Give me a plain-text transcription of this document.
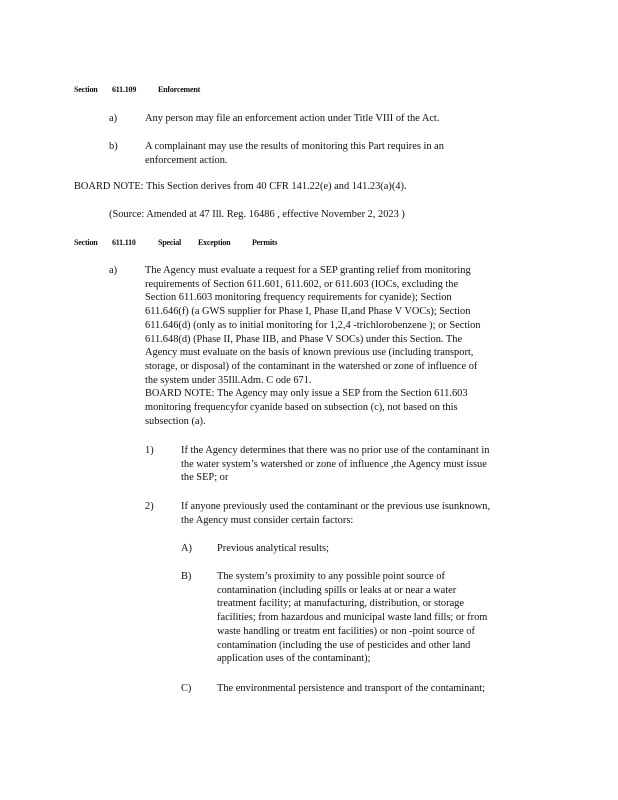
Section 611.109	Enforcement
a)	Any person may file an enforcement action under Title VIII of the Act.
b)	A complainant may use the results of monitoring this Part requires in an
enforcement action.
BOARD NOTE: This Section derives from 40 CFR 141.22(e) and 141.23(a)(4).
(Source: Amended at 47 Ill. Reg. 16486 , effective November 2, 2023 )
Section 611.110	Special Exception	Permits
a)	The Agency must evaluate a request for a SEP granting relief from monitoring
requirements of Section 611.601, 611.602, or 611.603 (IOCs, excluding the
Section 611.603 monitoring frequency requirements for cyanide); Section
611.646(f) (a GWS supplier for Phase I, Phase II,and Phase V VOCs); Section
611.646(d) (only as to initial monitoring for 1,2,4 -trichlorobenzene ); or Section
611.648(d) (Phase II, Phase IIB, and Phase V SOCs) under this Section. The
Agency must evaluate on the basis of known previous use (including transport,
storage, or disposal) of the contaminant in the watershed or zone of influence of
the system under 35Ill.Adm. C ode 671.
BOARD NOTE: The Agency may only issue a SEP from the Section 611.603
monitoring frequencyfor cyanide based on subsection (c), not based on this
subsection (a).
1)	If the Agency determines that there was no prior use of the contaminant in
the water system’s watershed or zone of influence ,the Agency must issue
the SEP; or
2)	If anyone previously used the contaminant or the previous use isunknown,
the Agency must consider certain factors:
A) Previous analytical results;
B) The system’s proximity to any possible point source of
contamination (including spills or leaks at or near a water
treatment facility; at manufacturing, distribution, or storage
facilities; from hazardous and municipal waste land fills; or from
waste handling or treatm ent facilities) or non -point source of
contamination (including the use of pesticides and other land
application uses of the contaminant);
C) The environmental persistence and transport of the contaminant;
